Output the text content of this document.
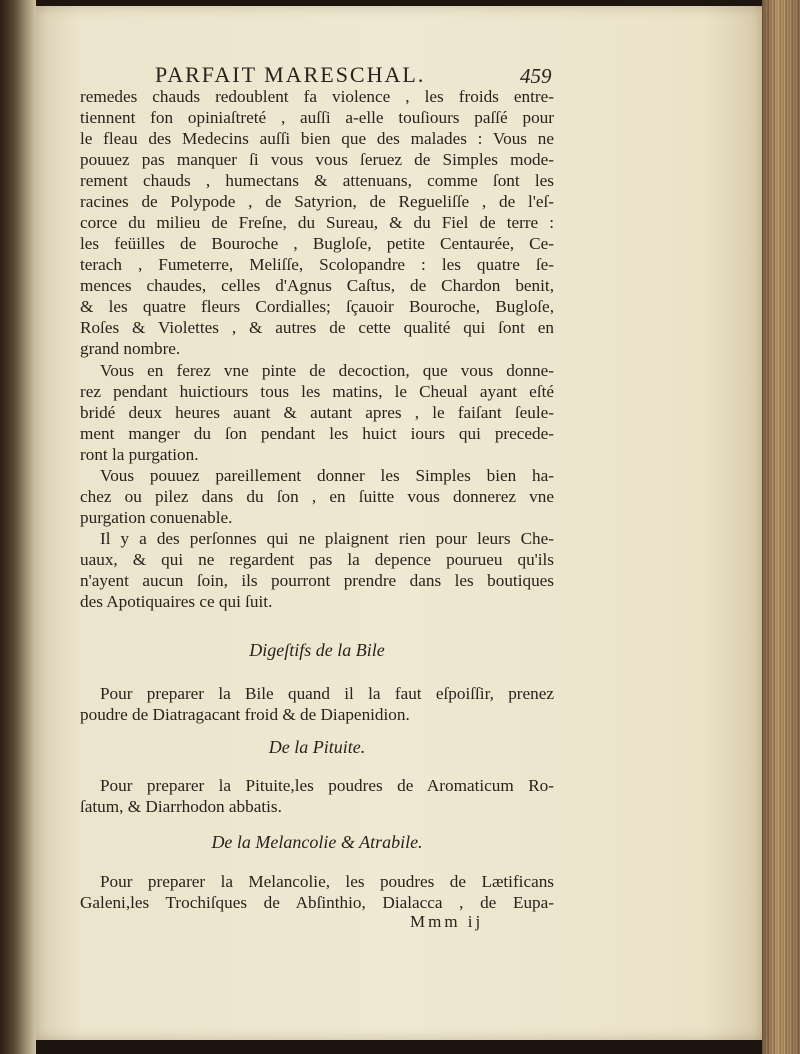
PARFAIT MARESCHAL.	459
remedes chauds redoublent fa violence , les froids entre-
tiennent fon opiniaſtreté , auſſi a-elle touſiours paſſé pour
le fleau des Medecins auſſi bien que des malades : Vous ne
pouuez pas manquer ſi vous vous ſeruez de Simples mode-
rement chauds , humectans & attenuans, comme ſont les
racines de Polypode , de Satyrion, de Regueliſſe , de l'eſ-
corce du milieu de Freſne, du Sureau, & du Fiel de terre :
les feüilles de Bouroche , Bugloſe, petite Centaurée, Ce-
terach , Fumeterre, Meliſſe, Scolopandre : les quatre ſe-
mences chaudes, celles d'Agnus Caſtus, de Chardon benit,
& les quatre fleurs Cordialles; ſçauoir Bouroche, Bugloſe,
Roſes & Violettes , & autres de cette qualité qui ſont en
grand nombre.
Vous en ferez vne pinte de decoction, que vous donne-
rez pendant huictiours tous les matins, le Cheual ayant eſté
bridé deux heures auant & autant apres , le faiſant ſeule-
ment manger du ſon pendant les huict iours qui precede-
ront la purgation.
Vous pouuez pareillement donner les Simples bien ha-
chez ou pilez dans du ſon , en ſuitte vous donnerez vne
purgation conuenable.
Il y a des perſonnes qui ne plaignent rien pour leurs Che-
uaux, & qui ne regardent pas la depence pourueu qu'ils
n'ayent aucun ſoin, ils pourront prendre dans les boutiques
des Apotiquaires ce qui ſuit.
Digeſtifs de la Bile
Pour preparer la Bile quand il la faut eſpoiſſir, prenez
poudre de Diatragacant froid & de Diapenidion.
De la Pituite.
Pour preparer la Pituite,les poudres de Aromaticum Ro-
ſatum, & Diarrhodon abbatis.
De la Melancolie & Atrabile.
Pour preparer la Melancolie, les poudres de Lætificans
Galeni,les Trochiſques de Abſinthio, Dialacca , de Eupa-
Mmm ij
